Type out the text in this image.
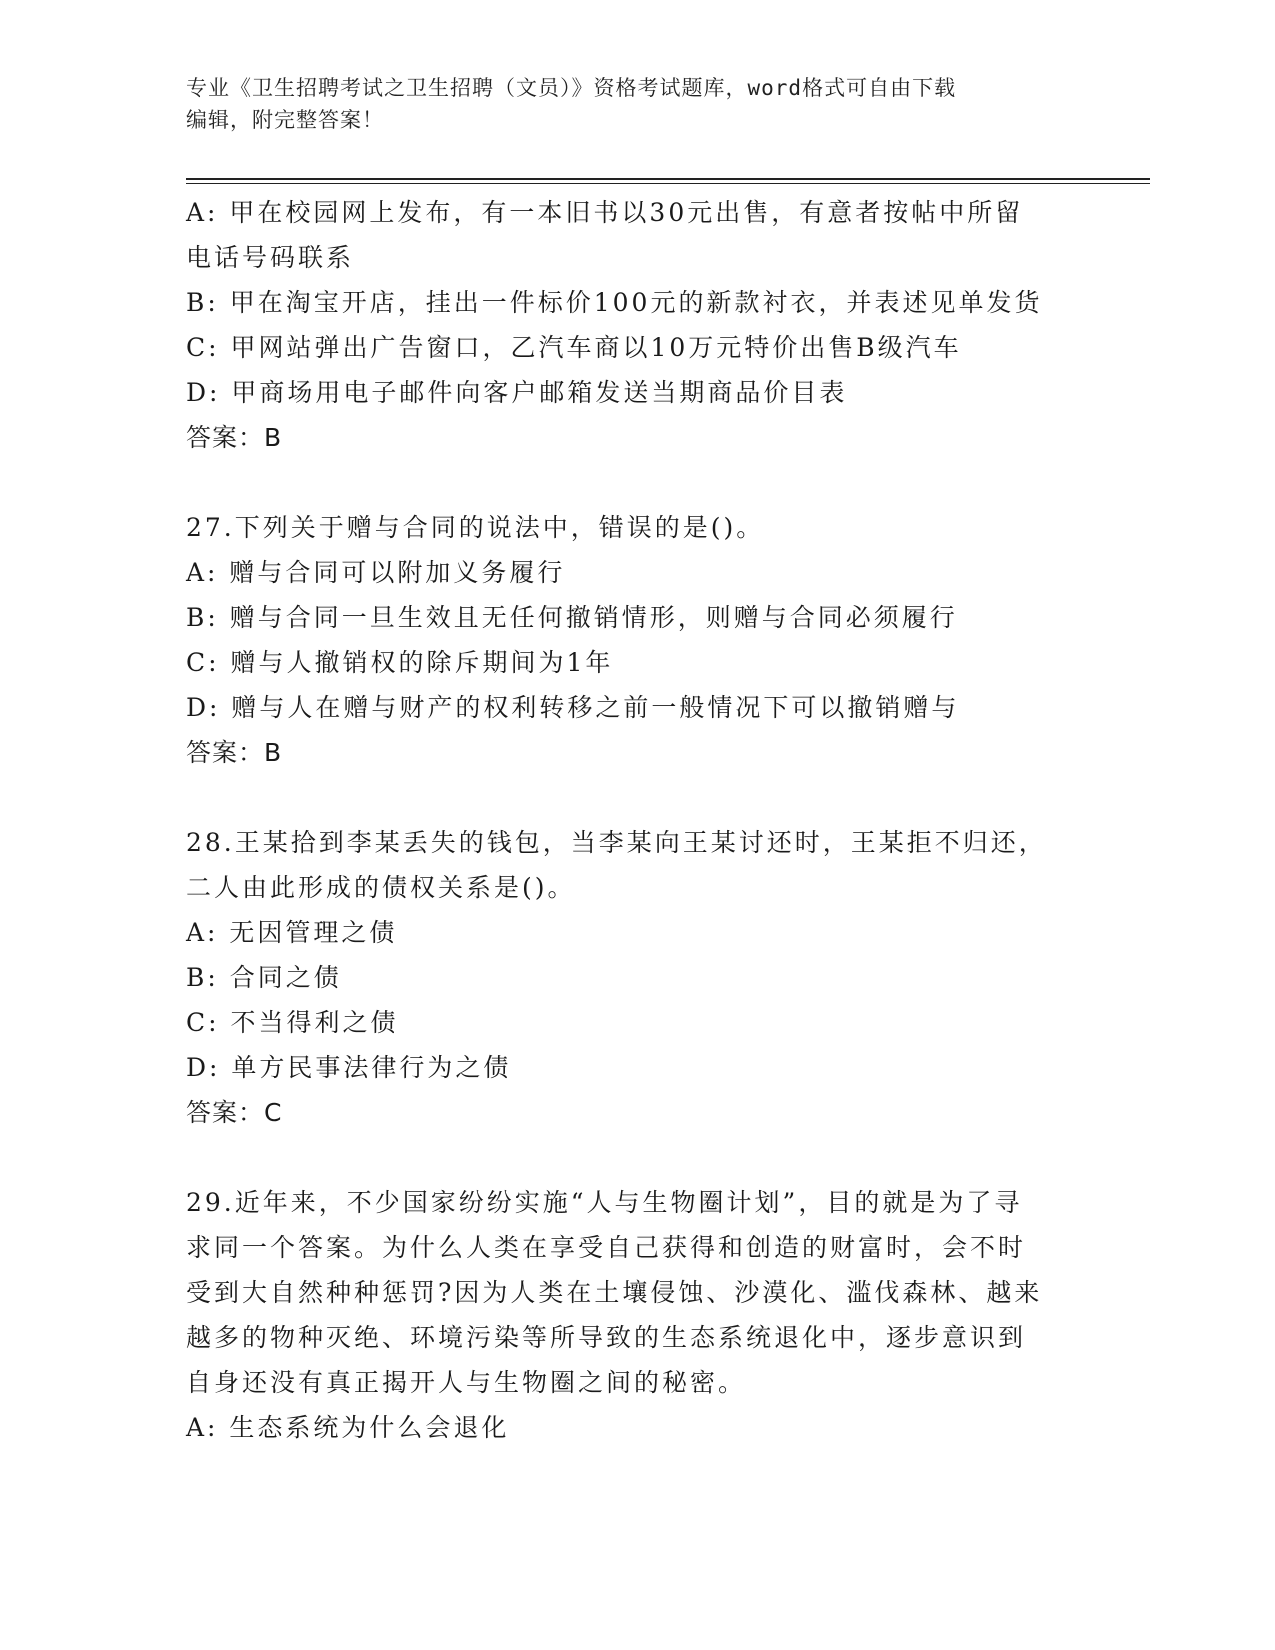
专业《卫生招聘考试之卫生招聘（文员）》资格考试题库，word格式可自由下载
编辑，附完整答案！
A: 甲在校园网上发布，有一本旧书以30元出售，有意者按帖中所留
电话号码联系
B: 甲在淘宝开店，挂出一件标价100元的新款衬衣，并表述见单发货
C: 甲网站弹出广告窗口，乙汽车商以10万元特价出售B级汽车
D: 甲商场用电子邮件向客户邮箱发送当期商品价目表
答案：B
27.下列关于赠与合同的说法中，错误的是()。
A: 赠与合同可以附加义务履行
B: 赠与合同一旦生效且无任何撤销情形，则赠与合同必须履行
C: 赠与人撤销权的除斥期间为1年
D: 赠与人在赠与财产的权利转移之前一般情况下可以撤销赠与
答案：B
28.王某拾到李某丢失的钱包，当李某向王某讨还时，王某拒不归还，
二人由此形成的债权关系是()。
A: 无因管理之债
B: 合同之债
C: 不当得利之债
D: 单方民事法律行为之债
答案：C
29.近年来，不少国家纷纷实施“人与生物圈计划”，目的就是为了寻
求同一个答案。为什么人类在享受自己获得和创造的财富时，会不时
受到大自然种种惩罚?因为人类在土壤侵蚀、沙漠化、滥伐森林、越来
越多的物种灭绝、环境污染等所导致的生态系统退化中，逐步意识到
自身还没有真正揭开人与生物圈之间的秘密。
A: 生态系统为什么会退化
